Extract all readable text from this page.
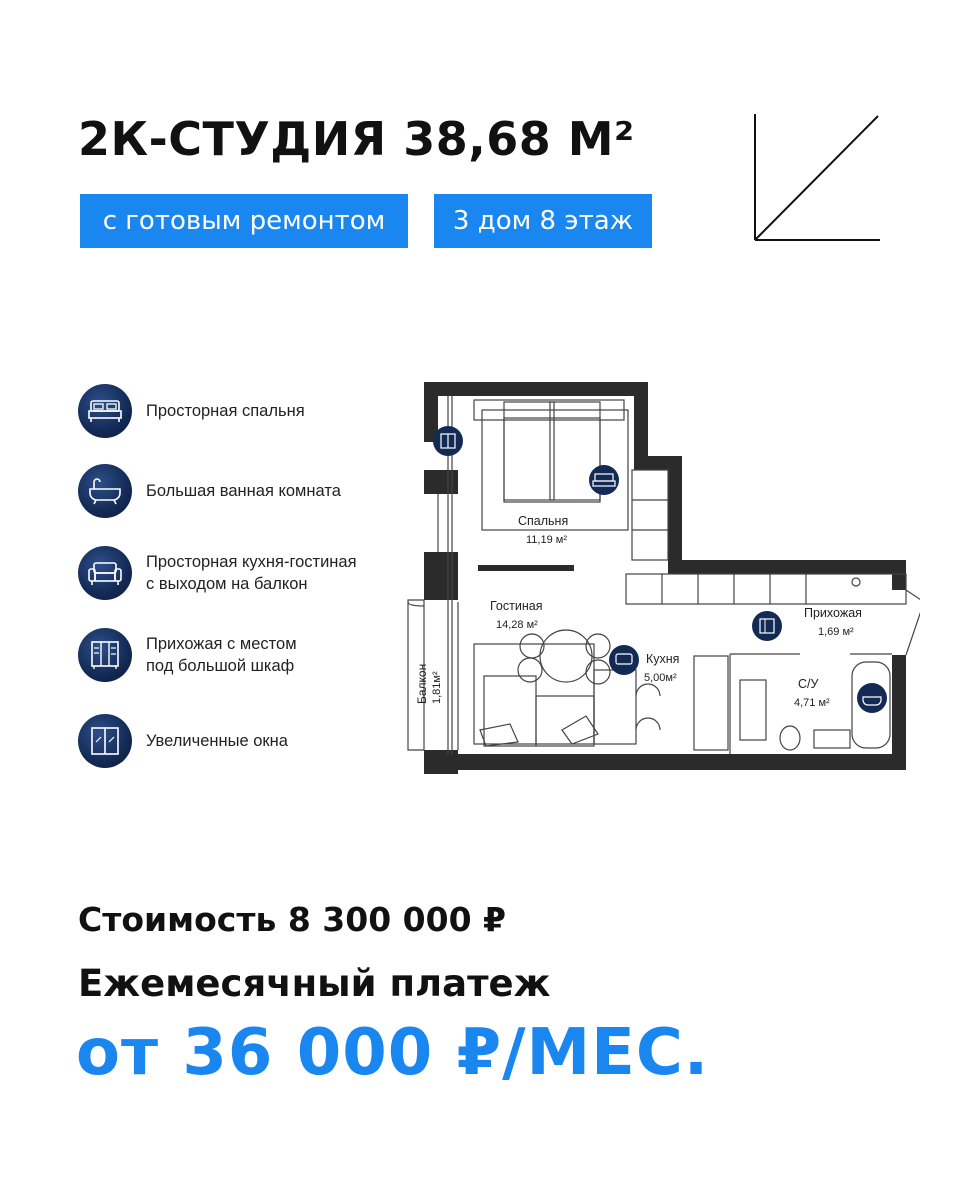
2К-СТУДИЯ 38,68 М²
с готовым ремонтом	3 дом 8 этаж
Просторная спальня
Большая ванная комната
Просторная кухня-гостиная
с выходом на балкон
Прихожая с местом
под большой шкаф
Увеличенные окна
Спальня
11,19 м²
Гостиная
14,28 м²
Кухня
5,00м²
Прихожая
1,69 м²
С/У
4,71 м²
Балкон 1,81м²
Стоимость 8 300 000 ₽
Ежемесячный платеж
от 36 000 ₽/МЕС.
